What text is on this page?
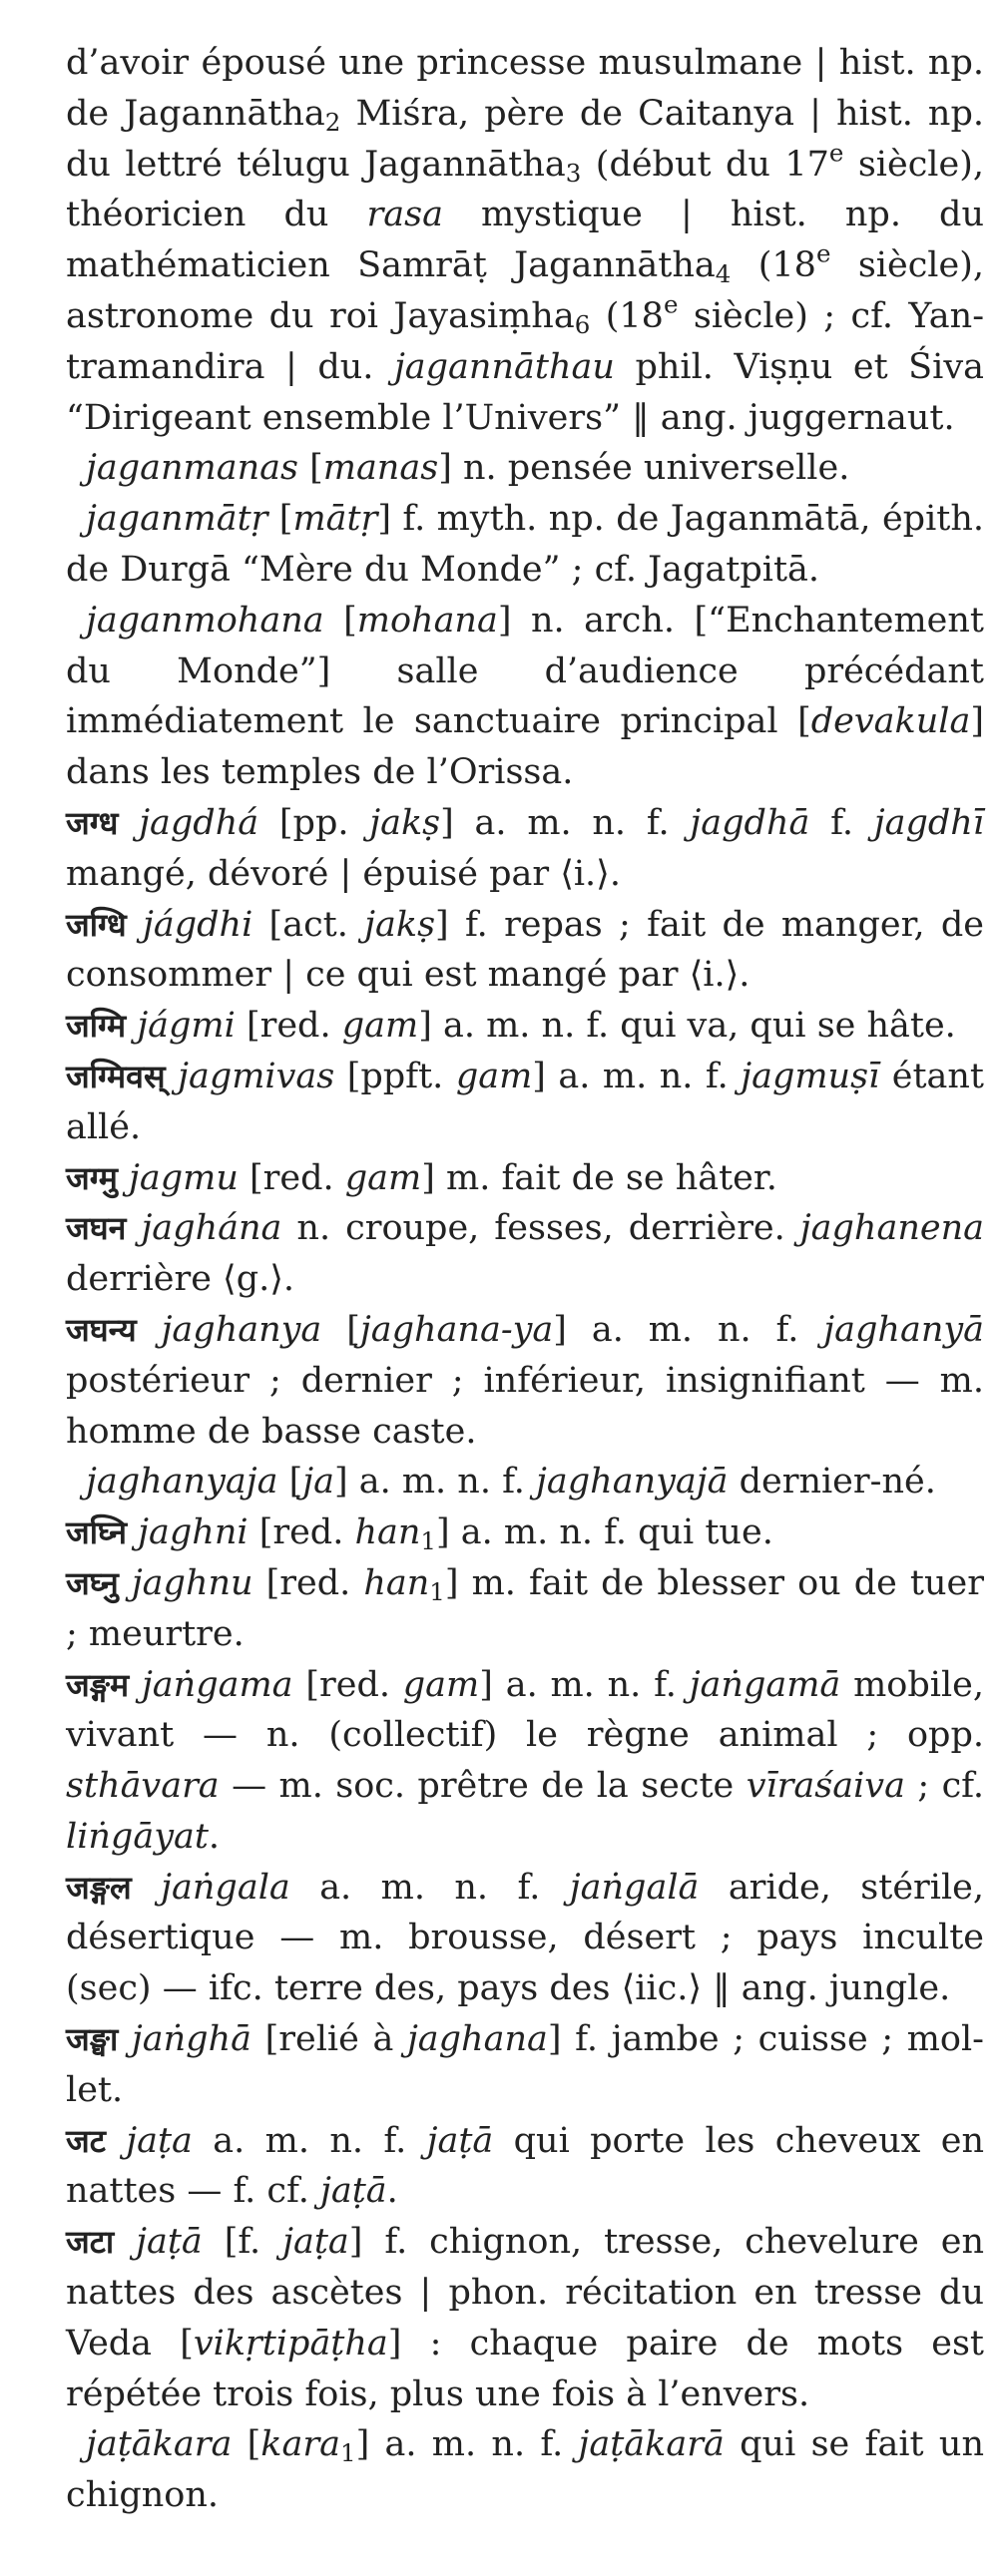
d’avoir épousé une princesse musulmane | hist. np. de Jagannātha$_2$ Miśra, père de Caitanya | hist. np. du lettré télugu Jagannātha$_3$ (début du 17e siècle), théoricien du rasa mystique | hist. np. du mathématicien Samrāṭ Jagannātha$_4$ (18e siècle), astronome du roi Jayasiṃha$_6$ (18e siècle) ; cf. Yantramandira | du. jagannāthau phil. Viṣṇu et Śiva “Dirigeant ensemble l’Univers” ‖ ang. juggernaut.

jaganmanas [manas] n. pensée universelle.

jaganmātṛ [mātṛ] f. myth. np. de Jaganmātā, épith. de Durgā “Mère du Monde” ; cf. Jagatpitā.

jaganmohana [mohana] n. arch. [“Enchantement du Monde”] salle d’audience précédant immédiatement le sanctuaire principal [devakula] dans les temples de l’Orissa.

जग्ध jagdhá [pp. jakṣ] a. m. n. f. jagdhā f. jagdhī mangé, dévoré | épuisé par ⟨i.⟩.

जग्धि jágdhi [act. jakṣ] f. repas ; fait de manger, de consommer | ce qui est mangé par ⟨i.⟩.

जग्मि jágmi [red. gam] a. m. n. f. qui va, qui se hâte.

जग्मिवस् jagmivas [ppft. gam] a. m. n. f. jagmuṣī étant allé.

जग्मु jagmu [red. gam] m. fait de se hâter.

जघन jaghána n. croupe, fesses, derrière. jaghanena derrière ⟨g.⟩.

जघन्य jaghanya [jaghana-ya] a. m. n. f. jaghanyā postérieur ; dernier ; inférieur, insignifiant — m. homme de basse caste.

jaghanyaja [ja] a. m. n. f. jaghanyajā dernier-né.

जघ्नि jaghni [red. han$_1$] a. m. n. f. qui tue.

जघ्नु jaghnu [red. han$_1$] m. fait de blesser ou de tuer ; meurtre.

जङ्गम jaṅgama [red. gam] a. m. n. f. jaṅgamā mobile, vivant — n. (collectif) le règne animal ; opp. sthāvara — m. soc. prêtre de la secte vīraśaiva ; cf. liṅgāyat.

जङ्गल jaṅgala a. m. n. f. jaṅgalā aride, stérile, désertique — m. brousse, désert ; pays inculte (sec) — ifc. terre des, pays des ⟨iic.⟩ ‖ ang. jungle.

जङ्घा jaṅghā [relié à jaghana] f. jambe ; cuisse ; mollet.

जट jaṭa a. m. n. f. jaṭā qui porte les cheveux en nattes — f. cf. jaṭā.

जटा jaṭā [f. jaṭa] f. chignon, tresse, chevelure en nattes des ascètes | phon. récitation en tresse du Veda [vikṛtipāṭha] : chaque paire de mots est répétée trois fois, plus une fois à l’envers.

jaṭākara [kara$_1$] a. m. n. f. jaṭākarā qui se fait un chignon.
